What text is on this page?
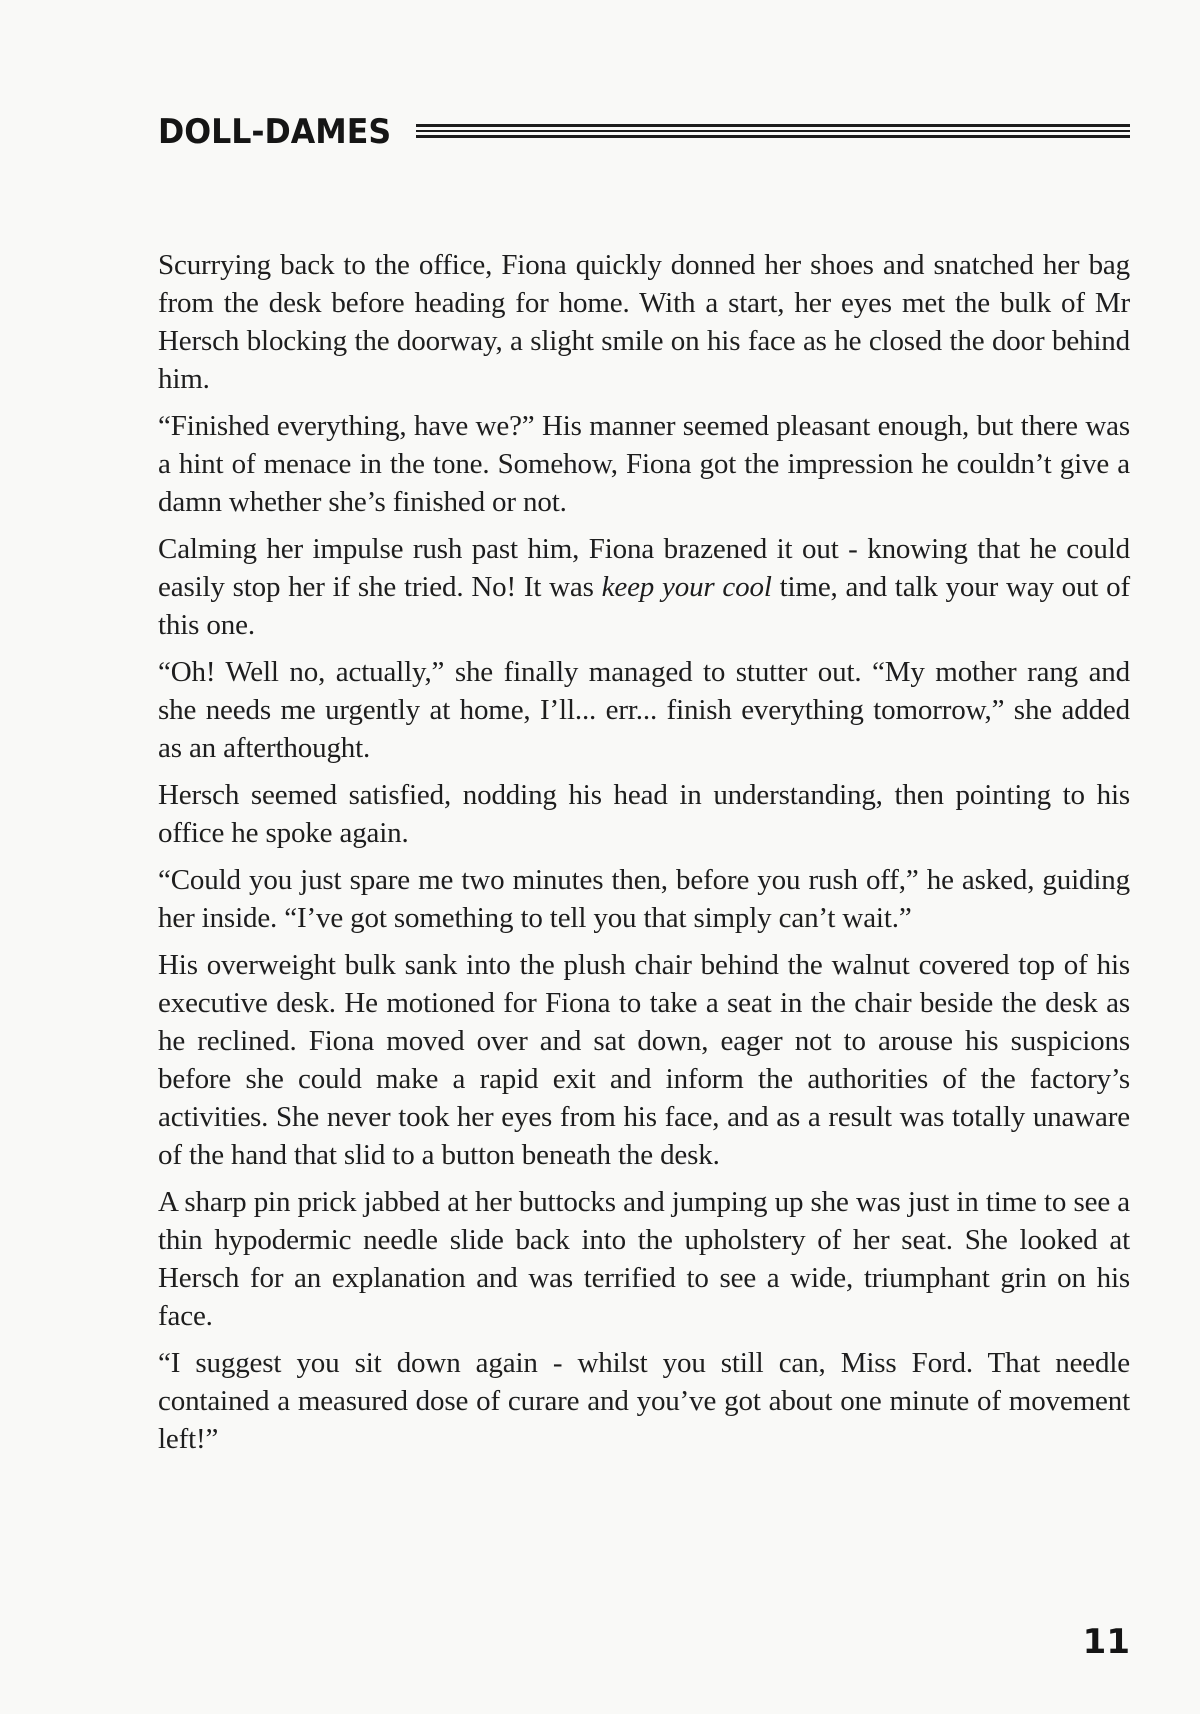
DOLL-DAMES

Scurrying back to the office, Fiona quickly donned her shoes and snatched her bag from the desk before heading for home. With a start, her eyes met the bulk of Mr Hersch blocking the doorway, a slight smile on his face as he closed the door behind him.

“Finished everything, have we?” His manner seemed pleasant enough, but there was a hint of menace in the tone. Somehow, Fiona got the impression he couldn’t give a damn whether she’s finished or not.

Calming her impulse rush past him, Fiona brazened it out - knowing that he could easily stop her if she tried. No! It was keep your cool time, and talk your way out of this one.

“Oh! Well no, actually,” she finally managed to stutter out. “My mother rang and she needs me urgently at home, I’ll... err... finish everything tomorrow,” she added as an afterthought.

Hersch seemed satisfied, nodding his head in understanding, then pointing to his office he spoke again.

“Could you just spare me two minutes then, before you rush off,” he asked, guiding her inside. “I’ve got something to tell you that simply can’t wait.”

His overweight bulk sank into the plush chair behind the walnut covered top of his executive desk. He motioned for Fiona to take a seat in the chair beside the desk as he reclined. Fiona moved over and sat down, eager not to arouse his suspicions before she could make a rapid exit and inform the authorities of the factory’s activities. She never took her eyes from his face, and as a result was totally unaware of the hand that slid to a button beneath the desk.

A sharp pin prick jabbed at her buttocks and jumping up she was just in time to see a thin hypodermic needle slide back into the upholstery of her seat. She looked at Hersch for an explanation and was terrified to see a wide, triumphant grin on his face.

“I suggest you sit down again - whilst you still can, Miss Ford. That needle contained a measured dose of curare and you’ve got about one minute of movement left!”

11
